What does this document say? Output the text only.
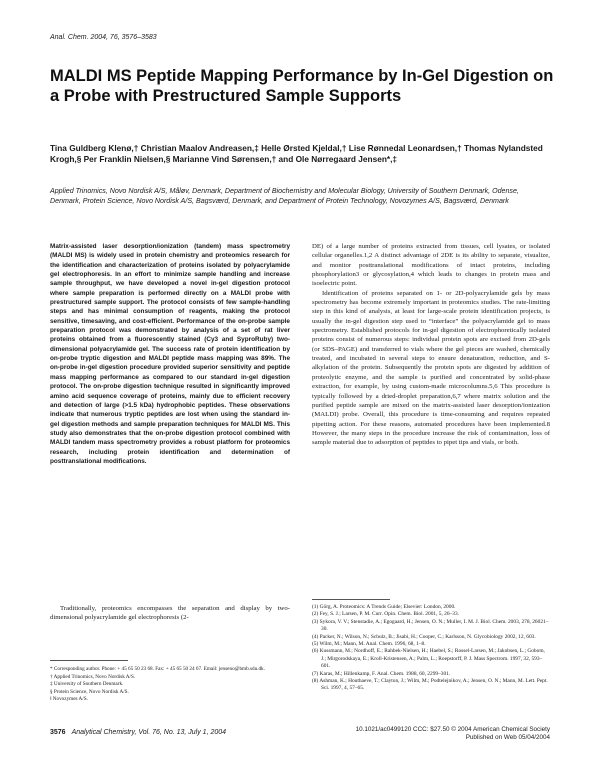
Anal. Chem. 2004, 76, 3576–3583
MALDI MS Peptide Mapping Performance by In-Gel Digestion on a Probe with Prestructured Sample Supports

Tina Guldberg Klenø,† Christian Maalov Andreasen,‡ Helle Ørsted Kjeldal,† Lise Rønnedal Leonardsen,† Thomas Nylandsted Krogh,§ Per Franklin Nielsen,§ Marianne Vind Sørensen,† and Ole Nørregaard Jensen*,‡

Applied Trinomics, Novo Nordisk A/S, Måløv, Denmark, Department of Biochemistry and Molecular Biology, University of Southern Denmark, Odense, Denmark, Protein Science, Novo Nordisk A/S, Bagsværd, Denmark, and Department of Protein Technology, Novozymes A/S, Bagsværd, Denmark

Matrix-assisted laser desorption/ionization (tandem) mass spectrometry (MALDI MS) is widely used in protein chemistry and proteomics research for the identification and characterization of proteins isolated by polyacrylamide gel electrophoresis. In an effort to minimize sample handling and increase sample throughput, we have developed a novel in-gel digestion protocol where sample preparation is performed directly on a MALDI probe with prestructured sample support. The protocol consists of few sample-handling steps and has minimal consumption of reagents, making the protocol sensitive, timesaving, and cost-efficient. Performance of the on-probe sample preparation protocol was demonstrated by analysis of a set of rat liver proteins obtained from a fluorescently stained (Cy3 and SyproRuby) two-dimensional polyacrylamide gel. The success rate of protein identification by on-probe tryptic digestion and MALDI peptide mass mapping was 89%. The on-probe in-gel digestion procedure provided superior sensitivity and peptide mass mapping performance as compared to our standard in-gel digestion protocol. The on-probe digestion technique resulted in significantly improved amino acid sequence coverage of proteins, mainly due to efficient recovery and detection of large (>1.5 kDa) hydrophobic peptides. These observations indicate that numerous tryptic peptides are lost when using the standard in-gel digestion methods and sample preparation techniques for MALDI MS. This study also demonstrates that the on-probe digestion protocol combined with MALDI tandem mass spectrometry provides a robust platform for proteomics research, including protein identification and determination of posttranslational modifications.

Traditionally, proteomics encompasses the separation and display by two-dimensional polyacrylamide gel electrophoresis (2-

* Corresponding author. Phone: + 45 65 50 23 68. Fax: + 45 65 50 24 67. Email: jenseno@bmb.sdu.dk.
† Applied Trinomics, Novo Nordisk A/S.
‡ University of Southern Denmark.
§ Protein Science, Novo Nordisk A/S.
‖ Novozymes A/S.

DE) of a large number of proteins extracted from tissues, cell lysates, or isolated cellular organelles.1,2 A distinct advantage of 2DE is its ability to separate, visualize, and monitor posttranslational modifications of intact proteins, including phosphorylation3 or glycosylation,4 which leads to changes in protein mass and isoelectric point.

Identification of proteins separated on 1- or 2D-polyacrylamide gels by mass spectrometry has become extremely important in proteomics studies. The rate-limiting step in this kind of analysis, at least for large-scale protein identification projects, is usually the in-gel digestion step used to “interface” the polyacrylamide gel to mass spectrometry. Established protocols for in-gel digestion of electrophoretically isolated proteins consist of numerous steps: individual protein spots are excised from 2D-gels (or SDS–PAGE) and transferred to vials where the gel pieces are washed, chemically treated, and incubated in several steps to ensure denaturation, reduction, and S-alkylation of the protein. Subsequently the protein spots are digested by addition of proteolytic enzyme, and the sample is purified and concentrated by solid-phase extraction, for example, by using custom-made microcolumns.5,6 This procedure is typically followed by a dried-droplet preparation,6,7 where matrix solution and the purified peptide sample are mixed on the matrix-assisted laser desorption/ionization (MALDI) probe. Overall, this procedure is time-consuming and requires repeated pipetting action. For these reasons, automated procedures have been implemented.8 However, the many steps in the procedure increase the risk of contamination, loss of sample material due to adsorption of peptides to pipet tips and vials, or both.

(1) Görg, A. Proteomics: A Trends Guide; Elsevier: London, 2000.
(2) Fey, S. J.; Larsen, P. M. Curr. Opin. Chem. Biol. 2001, 5, 26–33.
(3) Sykora, V. V.; Stenstadie, A.; Egogaard, H.; Jensen, O. N.; Muller, I. M. J. Biol. Chem. 2003, 278, 26021–30.
(4) Packer, N.; Wilson, N.; Schulz, B.; Jisabi, H.; Cooper, C.; Karlsson, N. Glycobiology 2002, 12, 603.
(5) Wilm, M.; Mann, M. Anal. Chem. 1996, 68, 1–8.
(6) Kussmann, M.; Nordhoff, E.; Rahbek-Nielsen, H.; Haebel, S.; Rossel-Larsen, M.; Jakobsen, L.; Gobom, J.; Mirgorodskaya, E.; Kroll-Kristensen, A.; Palm, L.; Roepstorff, P. J. Mass Spectrom. 1997, 32, 593–601.
(7) Karas, M.; Hillenkamp, F. Anal. Chem. 1988, 60, 2299–301.
(8) Ashman, K.; Houthaeve, T.; Clayton, J.; Wilm, M.; Podtelejnikov, A.; Jensen, O. N.; Mann, M. Lett. Pept. Sci. 1997, 4, 57–65.
3576 Analytical Chemistry, Vol. 76, No. 13, July 1, 2004	10.1021/ac0499120 CCC: $27.50 © 2004 American Chemical Society
Published on Web 05/04/2004
